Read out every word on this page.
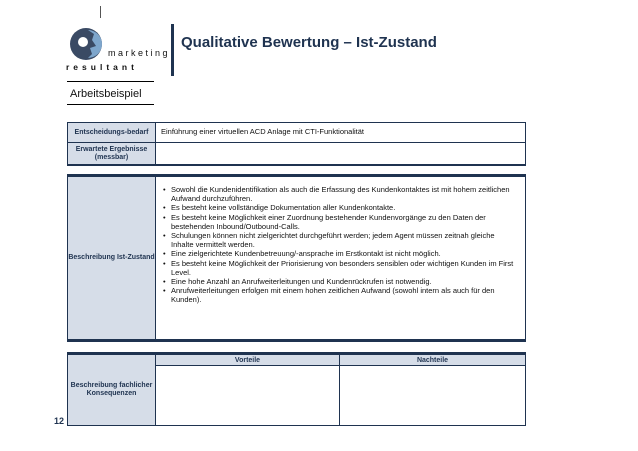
marketing
resultant
Qualitative Bewertung – Ist-Zustand
Arbeitsbeispiel
Entscheidungs-bedarf	Einführung einer virtuellen ACD Anlage mit CTI-Funktionalität
Erwartete Ergebnisse (messbar)
Beschreibung Ist-Zustand
• Sowohl die Kundenidentifikation als auch die Erfassung des Kundenkontaktes ist mit hohem zeitlichen Aufwand durchzuführen.
• Es besteht keine vollständige Dokumentation aller Kundenkontakte.
• Es besteht keine Möglichkeit einer Zuordnung bestehender Kundenvorgänge zu den Daten der bestehenden Inbound/Outbound-Calls.
• Schulungen können nicht zielgerichtet durchgeführt werden; jedem Agent müssen zeitnah gleiche Inhalte vermittelt werden.
• Eine zielgerichtete Kundenbetreuung/-ansprache im Erstkontakt ist nicht möglich.
• Es besteht keine Möglichkeit der Priorisierung von besonders sensiblen oder wichtigen Kunden im First Level.
• Eine hohe Anzahl an Anrufweiterleitungen und Kundenrückrufen ist notwendig.
• Anrufweiterleitungen erfolgen mit einem hohen zeitlichen Aufwand (sowohl intern als auch für den Kunden).
Beschreibung fachlicher Konsequenzen
Vorteile	Nachteile
12
